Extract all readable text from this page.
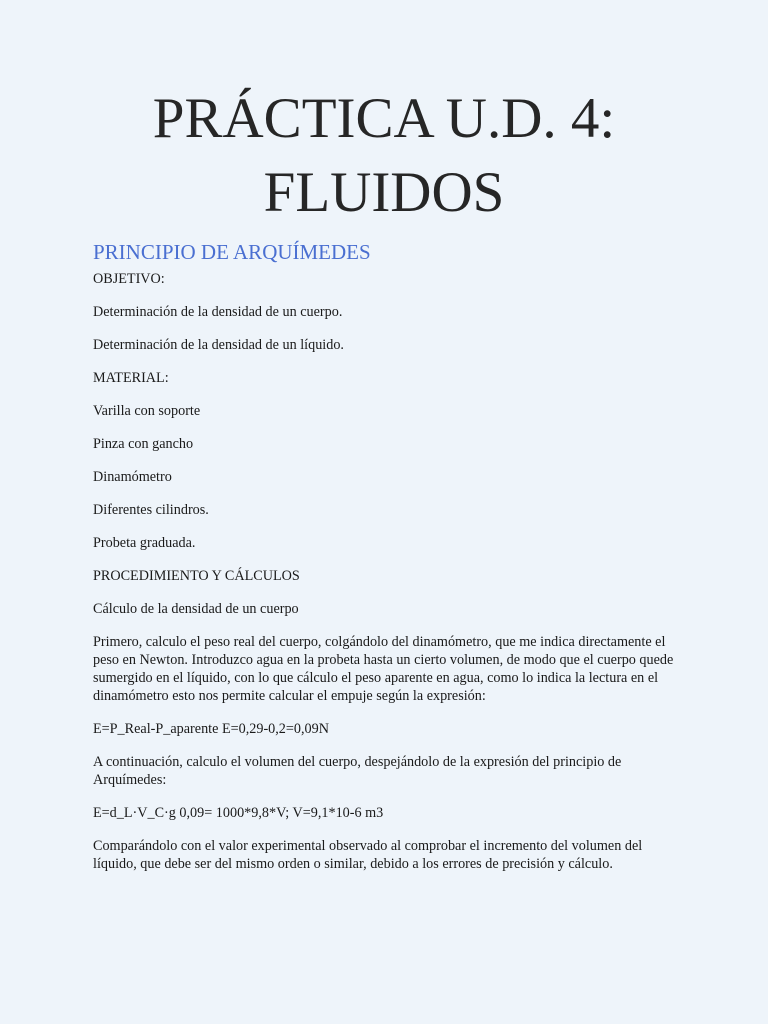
PRÁCTICA U.D. 4:
FLUIDOS
PRINCIPIO DE ARQUÍMEDES

OBJETIVO:

Determinación de la densidad de un cuerpo.

Determinación de la densidad de un líquido.

MATERIAL:

Varilla con soporte

Pinza con gancho

Dinamómetro

Diferentes cilindros.

Probeta graduada.

PROCEDIMIENTO Y CÁLCULOS

Cálculo de la densidad de un cuerpo

Primero, calculo el peso real del cuerpo, colgándolo del dinamómetro, que me indica directamente el peso en Newton. Introduzco agua en la probeta hasta un cierto volumen, de modo que el cuerpo quede sumergido en el líquido, con lo que cálculo el peso aparente en agua, como lo indica la lectura en el dinamómetro esto nos permite calcular el empuje según la expresión:

E=P_Real-P_aparente E=0,29-0,2=0,09N

A continuación, calculo el volumen del cuerpo, despejándolo de la expresión del principio de Arquímedes:

E=d_L·V_C·g 0,09= 1000*9,8*V; V=9,1*10-6 m3

Comparándolo con el valor experimental observado al comprobar el incremento del volumen del líquido, que debe ser del mismo orden o similar, debido a los errores de precisión y cálculo.
